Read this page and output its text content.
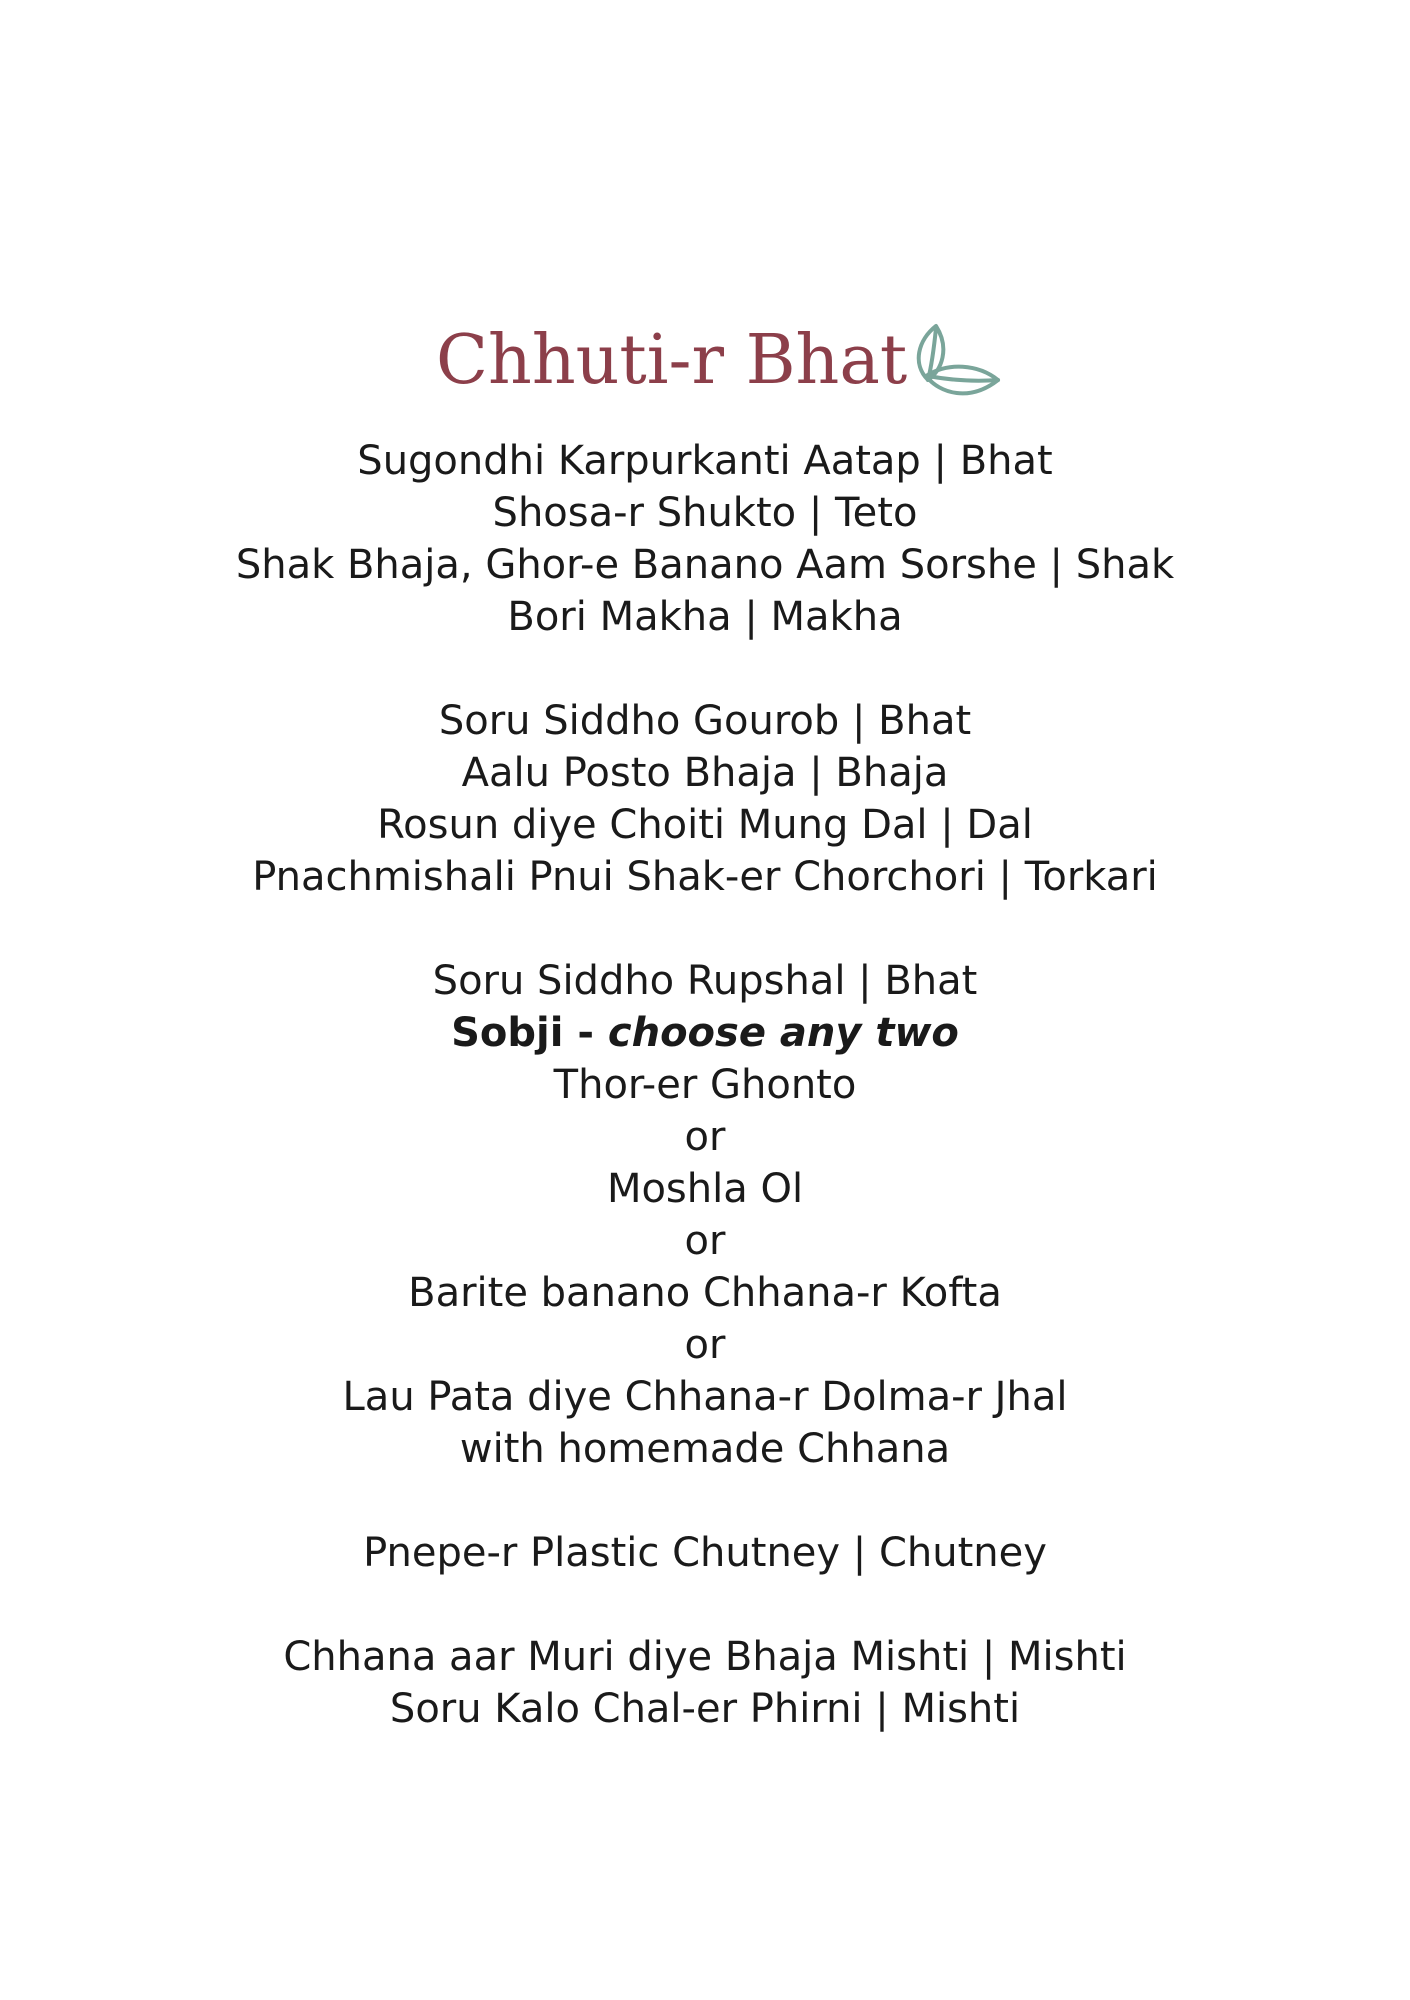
Chhuti-r Bhat
Sugondhi Karpurkanti Aatap | Bhat
Shosa-r Shukto | Teto
Shak Bhaja, Ghor-e Banano Aam Sorshe | Shak
Bori Makha | Makha
Soru Siddho Gourob | Bhat
Aalu Posto Bhaja | Bhaja
Rosun diye Choiti Mung Dal | Dal
Pnachmishali Pnui Shak-er Chorchori | Torkari
Soru Siddho Rupshal | Bhat
Sobji - choose any two
Thor-er Ghonto
or
Moshla Ol
or
Barite banano Chhana-r Kofta
or
Lau Pata diye Chhana-r Dolma-r Jhal
with homemade Chhana
Pnepe-r Plastic Chutney | Chutney
Chhana aar Muri diye Bhaja Mishti | Mishti
Soru Kalo Chal-er Phirni | Mishti
